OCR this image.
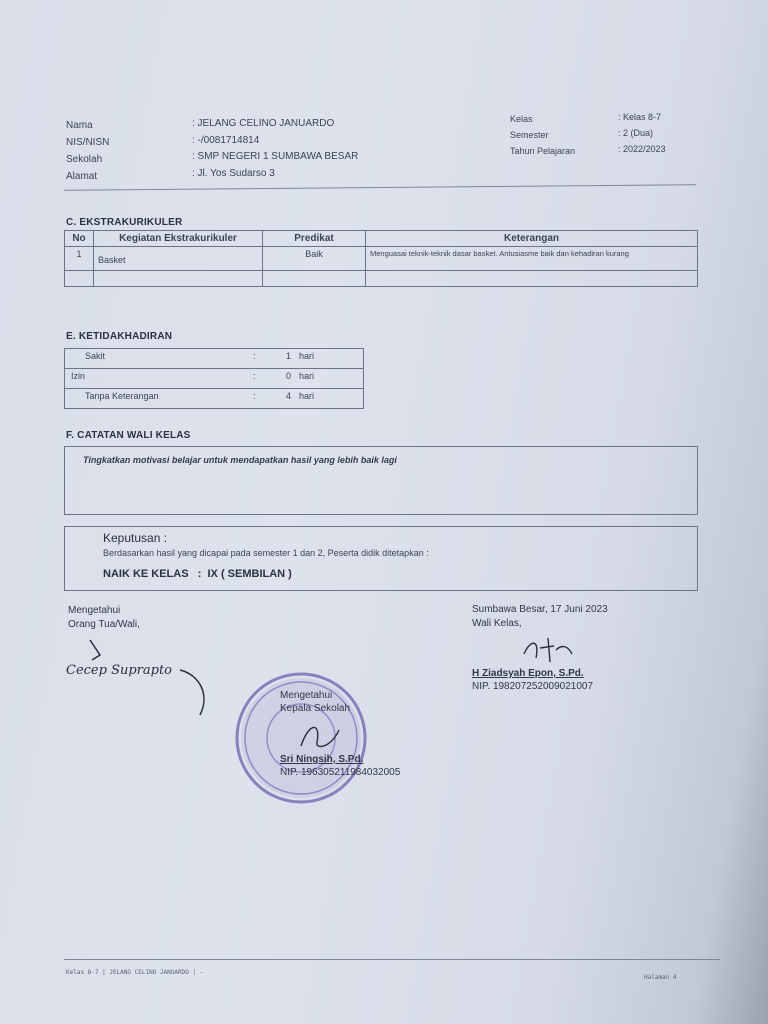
Nama	: JELANG CELINO JANUARDO
NIS/NISN	: -/0081714814
Sekolah	: SMP NEGERI 1 SUMBAWA BESAR
Alamat	: Jl. Yos Sudarso 3
Kelas	: Kelas 8-7
Semester	: 2 (Dua)
Tahun Pelajaran	: 2022/2023
C. EKSTRAKURIKULER
No	Kegiatan Ekstrakurikuler	Predikat	Keterangan
1	Basket	Baik	Menguasai teknik-teknik dasar basket. Antusiasme baik dan kehadiran kurang

E. KETIDAKHADIRAN
Sakit	:	1	hari
Izin	:	0	hari
Tanpa Keterangan	:	4	hari
F. CATATAN WALI KELAS
Tingkatkan motivasi belajar untuk mendapatkan hasil yang lebih baik lagi
Keputusan :
Berdasarkan hasil yang dicapai pada semester 1 dan 2, Peserta didik ditetapkan :
NAIK KE KELAS   :  IX ( SEMBILAN )
Mengetahui
Orang Tua/Wali,
Cecep Suprapto
Sumbawa Besar, 17 Juni 2023
Wali Kelas,
H Ziadsyah Epon, S.Pd.
NIP. 198207252009021007
Mengetahui
Kepala Sekolah
Sri Ningsih, S.Pd.
NIP. 196305211984032005
Kelas 8-7 | JELANG CELINO JANUARDO | -
Halaman 4
